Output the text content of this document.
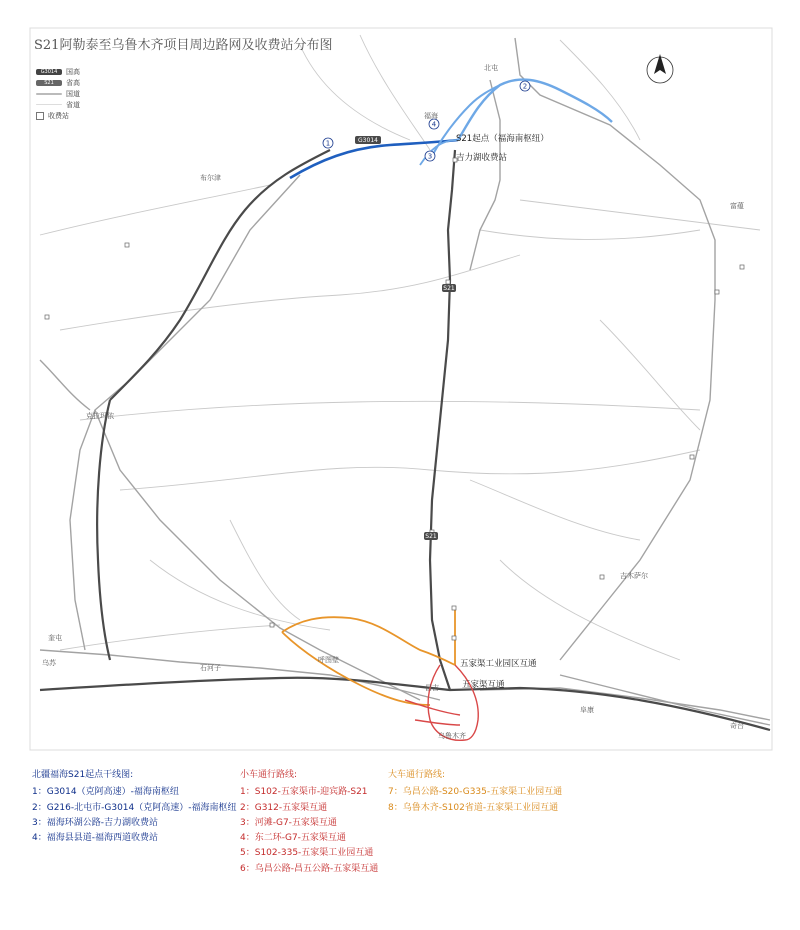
G3014
S21
S21
1
2
3
4
S21起点（福海南枢纽）
吉力湖收费站
五家渠工业园区互通
五家渠互通
乌鲁木齐
昌吉
呼图壁
奎屯
克拉玛依
福海
北屯
阜康
吉木萨尔
奇台
富蕴
石河子
布尔津
乌苏
S21阿勒泰至乌鲁木齐项目周边路网及收费站分布图
G3014	国高
S21	省高
国道
省道
收费站
北疆福海S21起点干线图:
1：G3014（克阿高速）-福海南枢纽
2：G216-北屯市-G3014（克阿高速）-福海南枢纽
3：福海环湖公路-吉力湖收费站
4：福海县县道-福海西道收费站
小车通行路线:
1：S102-五家渠市-迎宾路-S21
2：G312-五家渠互通
3：河滩-G7-五家渠互通
4：东二环-G7-五家渠互通
5：S102-335-五家渠工业园互通
6：乌昌公路-昌五公路-五家渠互通
大车通行路线:
7：乌昌公路-S20-G335-五家渠工业园互通
8：乌鲁木齐-S102省道-五家渠工业园互通
